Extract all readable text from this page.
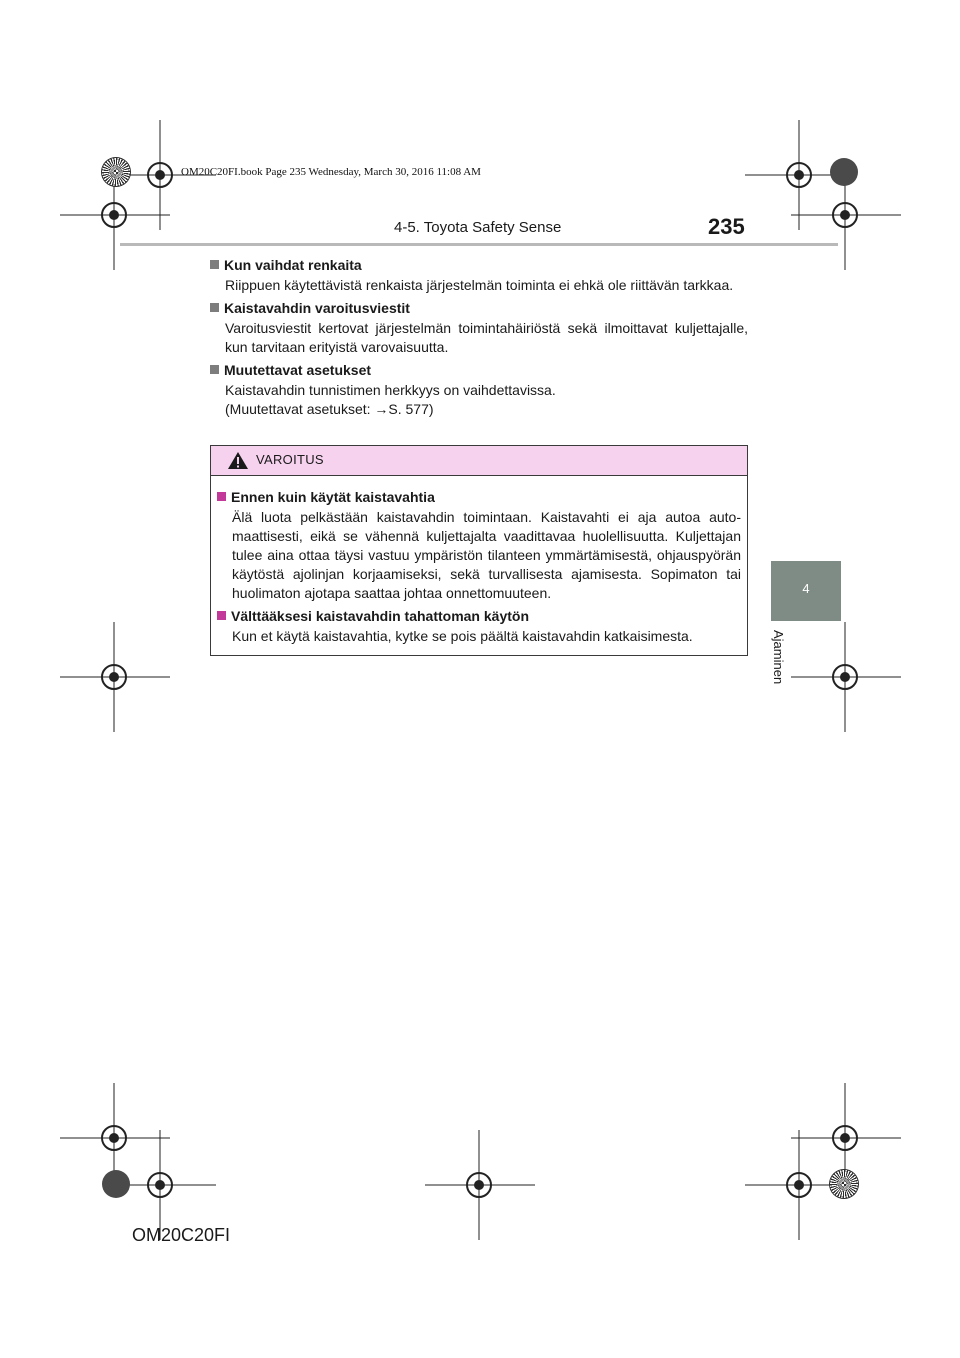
OM20C20FI.book Page 235 Wednesday, March 30, 2016 11:08 AM
4-5. Toyota Safety Sense	235
4
Ajaminen
Kun vaihdat renkaita

Riippuen käytettävistä renkaista järjestelmän toiminta ei ehkä ole riittävän tarkkaa.

Kaistavahdin varoitusviestit

Varoitusviestit kertovat järjestelmän toimintahäiriöstä sekä ilmoittavat kuljettajalle, kun tarvitaan erityistä varovaisuutta.

Muutettavat asetukset

Kaistavahdin tunnistimen herkkyys on vaihdettavissa.

(Muutettavat asetukset: →S. 577)

VAROITUS
Ennen kuin käytät kaistavahtia

Älä luota pelkästään kaistavahdin toimintaan. Kaistavahti ei aja autoa automaattisesti, eikä se vähennä kuljettajalta vaadittavaa huolellisuutta. Kuljettajan tulee aina ottaa täysi vastuu ympäristön tilanteen ymmärtämisestä, ohjauspyörän käytöstä ajolinjan korjaamiseksi, sekä turvallisesta ajamisesta. Sopimaton tai huolimaton ajotapa saattaa johtaa onnettomuuteen.

Välttääksesi kaistavahdin tahattoman käytön

Kun et käytä kaistavahtia, kytke se pois päältä kaistavahdin katkaisimesta.

OM20C20FI
